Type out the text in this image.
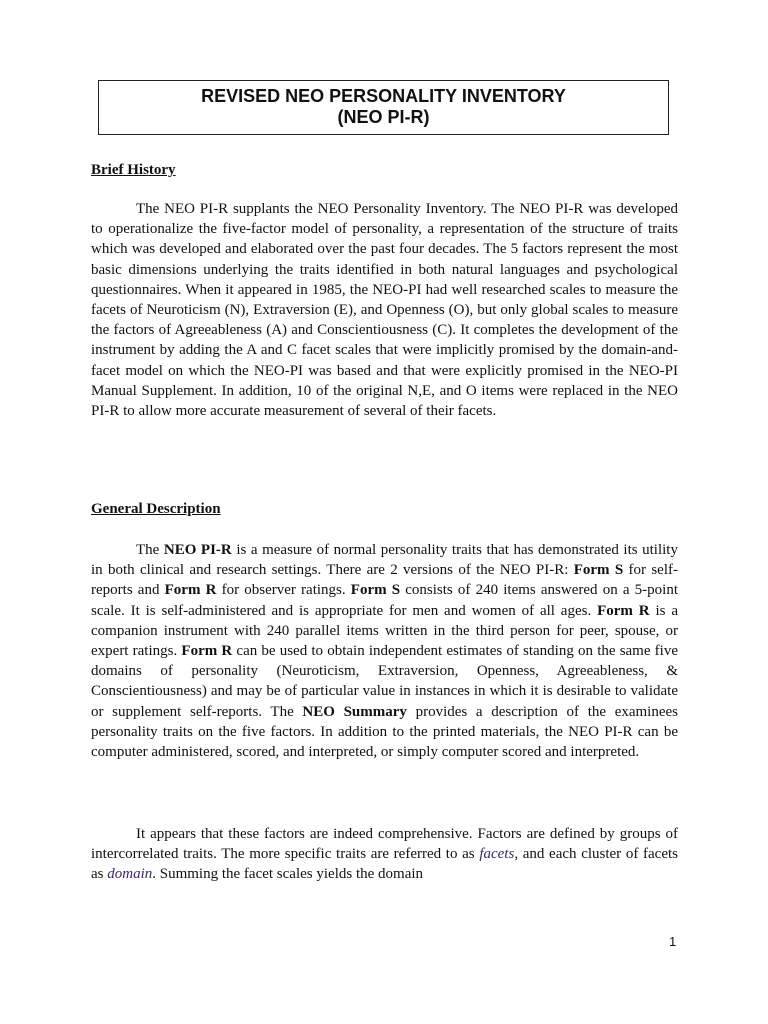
REVISED NEO PERSONALITY INVENTORY
(NEO PI-R)
Brief History

The NEO PI-R supplants the NEO Personality Inventory. The NEO PI-R was developed to operationalize the five-factor model of personality, a representation of the structure of traits which was developed and elaborated over the past four decades. The 5 factors represent the most basic dimensions underlying the traits identified in both natural languages and psychological questionnaires. When it appeared in 1985, the NEO-PI had well researched scales to measure the facets of Neuroticism (N), Extraversion (E), and Openness (O), but only global scales to measure the factors of Agreeableness (A) and Conscientiousness (C). It completes the development of the instrument by adding the A and C facet scales that were implicitly promised by the domain-and-facet model on which the NEO-PI was based and that were explicitly promised in the NEO-PI Manual Supplement. In addition, 10 of the original N,E, and O items were replaced in the NEO PI-R to allow more accurate measurement of several of their facets.

General Description

The NEO PI-R is a measure of normal personality traits that has demonstrated its utility in both clinical and research settings. There are 2 versions of the NEO PI-R: Form S for self-reports and Form R for observer ratings. Form S consists of 240 items answered on a 5-point scale. It is self-administered and is appropriate for men and women of all ages. Form R is a companion instrument with 240 parallel items written in the third person for peer, spouse, or expert ratings. Form R can be used to obtain independent estimates of standing on the same five domains of personality (Neuroticism, Extraversion, Openness, Agreeableness, & Conscientiousness) and may be of particular value in instances in which it is desirable to validate or supplement self-reports. The NEO Summary provides a description of the examinees personality traits on the five factors. In addition to the printed materials, the NEO PI-R can be computer administered, scored, and interpreted, or simply computer scored and interpreted.

It appears that these factors are indeed comprehensive. Factors are defined by groups of intercorrelated traits. The more specific traits are referred to as facets, and each cluster of facets as domain. Summing the facet scales yields the domain

1
